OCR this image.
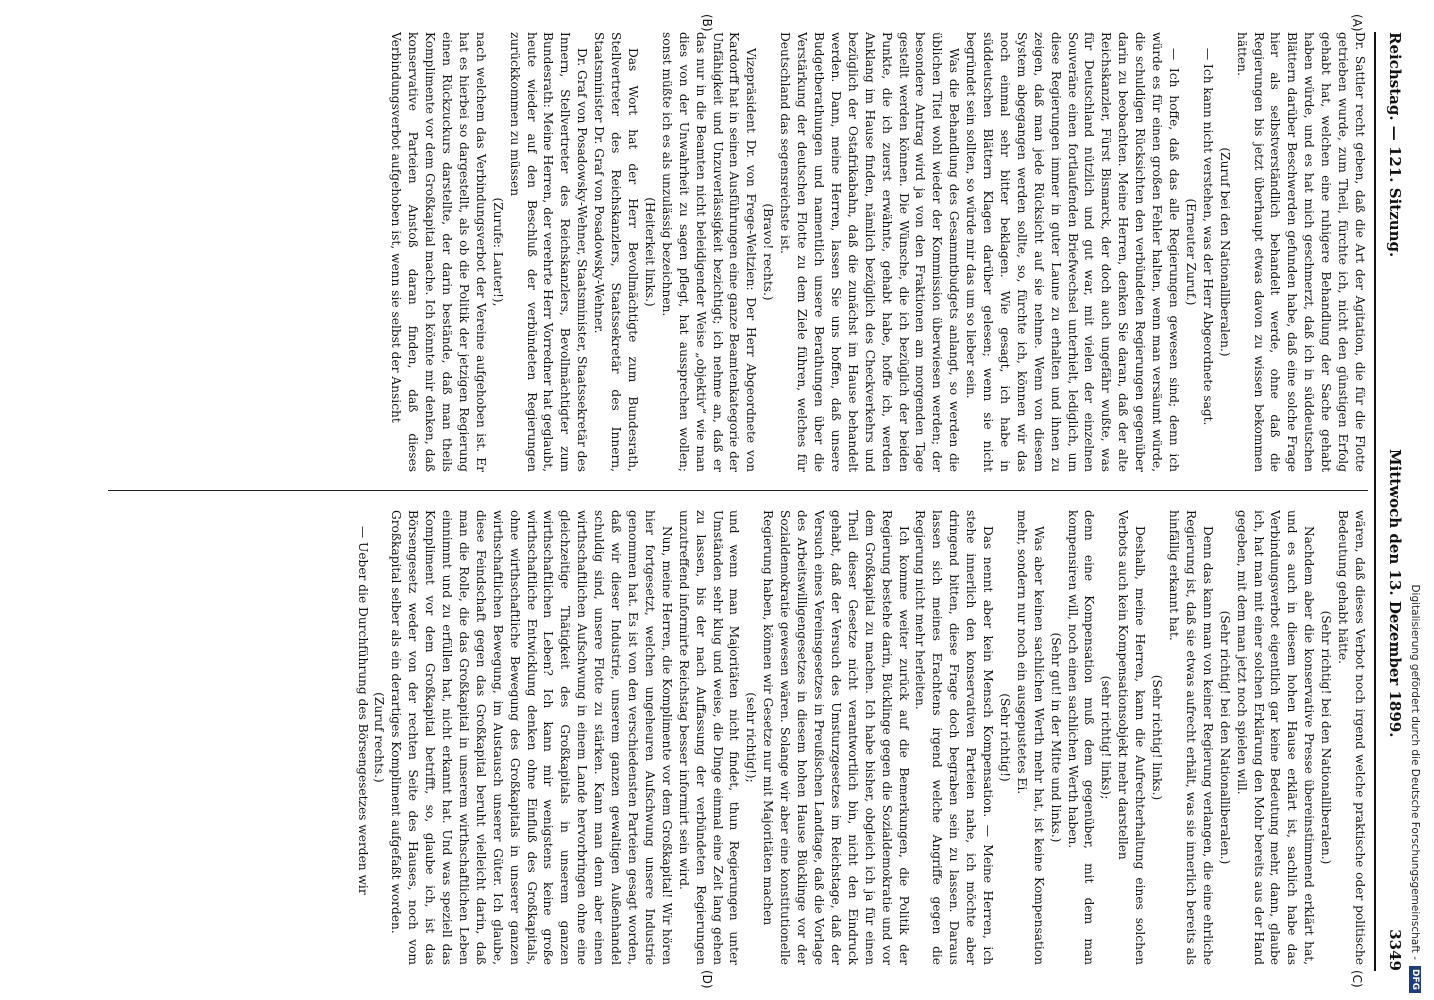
Reichstag. — 121. Sitzung.
Mittwoch den 13. Dezember 1899.
3349
(A)
(B)
(C)
(D)

Dr. Sattler recht geben, daß die Art der Agitation, die für die Flotte getrieben wurde, zum Theil, fürchte ich, nicht den günstigen Erfolg gehabt hat, welchen eine ruhigere Behandlung der Sache gehabt haben würde, und es hat mich geschmerzt, daß ich in süddeutschen Blättern darüber Beschwerden gefunden habe, daß eine solche Frage hier als selbstverständlich behandelt werde, ohne daß die Regierungen bis jetzt überhaupt etwas davon zu wissen bekommen hätten.

(Zuruf bei den Nationalliberalen.)

— Ich kann nicht verstehen, was der Herr Abgeordnete sagt.

(Erneuter Zuruf.)

— Ich hoffe, daß das alle Regierungen gewesen sind; denn ich würde es für einen großen Fehler halten, wenn man versäumt würde, die schuldigen Rücksichten den verbündeten Regierungen gegenüber darin zu beobachten. Meine Herren, denken Sie daran, daß der alte Reichskanzler, Fürst Bismarck, der doch auch ungefähr wußte, was für Deutschland nützlich und gut war, mit vielen der einzelnen Souveräne einen fortlaufenden Briefwechsel unterhielt, lediglich, um diese Regierungen immer in guter Laune zu erhalten und ihnen zu zeigen, daß man jede Rücksicht auf sie nehme. Wenn von diesem System abgegangen werden sollte, so, fürchte ich, können wir das noch einmal sehr bitter beklagen. Wie gesagt, ich habe in süddeutschen Blättern Klagen darüber gelesen; wenn sie nicht begründet sein sollten, so würde mir das um so lieber sein.

Was die Behandlung des Gesammtbudgets anlangt, so werden die üblichen Titel wohl wieder der Kommission überwiesen werden; der besondere Antrag wird ja von den Fraktionen am morgenden Tage gestellt werden können. Die Wünsche, die ich bezüglich der beiden Punkte, die ich zuerst erwähnte, gehabt habe, hoffe ich, werden Anklang im Hause finden, nämlich bezüglich des Checkverkehrs und bezüglich der Ostafrikabahn, daß die zunächst im Hause behandelt werden. Dann, meine Herren, lassen Sie uns hoffen, daß unsere Budgetberathungen und namentlich unsere Berathungen über die Verstärkung der deutschen Flotte zu dem Ziele führen, welches für Deutschland das segensreichste ist.

(Bravo! rechts.)

Vizepräsident Dr. von Frege-Weltzien: Der Herr Abgeordnete von Kardorff hat in seinen Ausführungen eine ganze Beamtenkategorie der Unfähigkeit und Unzuverlässigkeit bezichtigt; ich nehme an, daß er das nur in die Beamten nicht beleidigender Weise „objektiv“ wie man dies von der Unwahrheit zu sagen pflegt, hat aussprechen wollen; sonst müßte ich es als unzulässig bezeichnen.

(Heiterkeit links.)

Das Wort hat der Herr Bevollmächtigte zum Bundesrath, Stellvertreter des Reichskanzlers, Staatssekretär des Innern, Staatsminister Dr. Graf von Posadowsky-Wehner.

Dr. Graf von Posadowsky-Wehner, Staatsminister, Staatssekretär des Innern, Stellvertreter des Reichskanzlers, Bevollmächtigter zum Bundesrath: Meine Herren, der verehrte Herr Vorredner hat geglaubt, heute wieder auf den Beschluß der verbündeten Regierungen zurückkommen zu müssen

(Zurufe: Lauter!),

nach welchem das Verbindungsverbot der Vereine aufgehoben ist. Er hat es hierbei so dargestellt, als ob die Politik der jetzigen Regierung einen Rückzuckurs darstellte, der darin bestände, daß man theils Komplimente vor dem Großkapital mache. Ich könnte mir denken, daß konservative Parteien Anstoß daran finden, daß dieses Verbindungsverbot aufgehoben ist, wenn sie selbst der Ansicht

wären, daß dieses Verbot noch irgend welche praktische oder politische Bedeutung gehabt hätte.

(Sehr richtig! bei den Nationalliberalen.)

Nachdem aber die konservative Presse übereinstimmend erklärt hat, und es auch in diesem hohen Hause erklärt ist, sachlich habe das Verbindungsverbot eigentlich gar keine Bedeutung mehr, dann, glaube ich, hat man mit einer solchen Erklärung den Mohr bereits aus der Hand gegeben, mit dem man jetzt noch spielen will.

(Sehr richtig! bei den Nationalliberalen.)

Denn das kann man von keiner Regierung verlangen, die eine ehrliche Regierung ist, daß sie etwas aufrecht erhält, was sie innerlich bereits als hinfällig erkannt hat.

(Sehr richtig! links.)

Deshalb, meine Herren, kann die Aufrechterhaltung eines solchen Verbots auch kein Kompensationsobjekt mehr darstellen

(sehr richtig! links);

denn eine Kompensation muß dem gegenüber, mit dem man kompensiren will, noch einen sachlichen Werth haben.

(Sehr gut! in der Mitte und links.)

Was aber keinen sachlichen Werth mehr hat, ist keine Kompensation mehr, sondern nur noch ein ausgepustetes Ei.

(Sehr richtig!)

Das nennt aber kein Mensch Kompensation. — Meine Herren, ich stehe innerlich den konservativen Parteien nahe, ich möchte aber dringend bitten, diese Frage doch begraben sein zu lassen. Daraus lassen sich meines Erachtens irgend welche Angriffe gegen die Regierung nicht mehr herleiten.

Ich komme weiter zurück auf die Bemerkungen, die Politik der Regierung bestehe darin, Bücklinge gegen die Sozialdemokratie und vor dem Großkapital zu machen. Ich habe bisher, obgleich ich ja für einen Theil dieser Gesetze nicht verantwortlich bin, nicht den Eindruck gehabt, daß der Versuch des Umsturzgesetzes im Reichstage, daß der Versuch eines Vereinsgesetzes in Preußischen Landtage, daß die Vorlage des Arbeitswilligengesetzes in diesem hohen Hause Bücklinge vor der Sozialdemokratie gewesen wären. Solange wir aber eine konstitutionelle Regierung haben, können wir Gesetze nur mit Majoritäten machen

(sehr richtig!);

und wenn man Majoritäten nicht findet, thun Regierungen unter Umständen sehr klug und weise, die Dinge einmal eine Zeit lang gehen zu lassen, bis der nach Auffassung der verbündeten Regierungen unzutreffend informirte Reichstag besser informirt sein wird.

Nun, meine Herren, die Komplimente vor dem Großkapital! Wir hören hier fortgesetzt, welchen ungeheuren Aufschwung unsere Industrie genommen hat. Es ist von den verschiedensten Parteien gesagt worden, daß wir dieser Industrie, unserem ganzen gewaltigen Außenhandel schuldig sind, unsere Flotte zu stärken. Kann man denn aber einen wirthschaftlichen Aufschwung in einem Lande hervorbringen ohne eine gleichzeitige Thätigkeit des Großkapitals in unserem ganzen wirthschaftlichen Leben? Ich kann mir wenigstens keine große wirthschaftliche Entwicklung denken ohne Einfluß des Großkapitals, ohne wirthschaftliche Bewegung des Großkapitals in unserer ganzen wirthschaftlichen Bewegung, im Austausch unserer Güter. Ich glaube, diese Feindschaft gegen das Großkapital beruht vielleicht darin, daß man die Rolle, die das Großkapital in unserem wirthschaftlichen Leben einnimmt und zu erfüllen hat, nicht erkannt hat. Und was speziell das Kompliment vor dem Großkapital betrifft, so, glaube ich, ist das Börsengesetz weder von der rechten Seite des Hauses, noch vom Großkapital selber als ein derartiges Kompliment aufgefaßt worden.

(Zuruf rechts.)

— Ueber die Durchführung des Börsengesetzes werden wir	Digitalisierung gefördert durch die Deutsche Forschungsgemeinschaft -
DFG
